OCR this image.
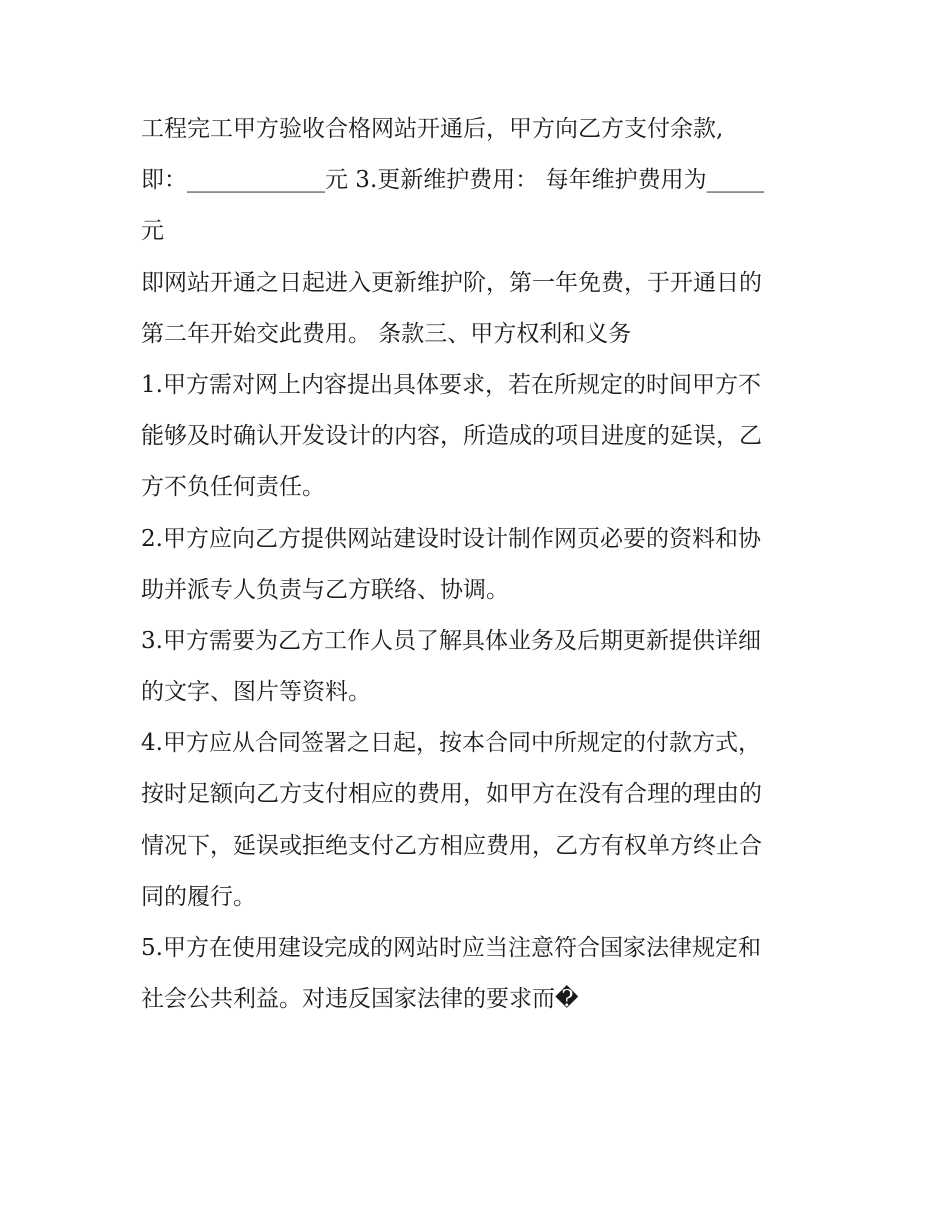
工程完工甲方验收合格网站开通后，甲方向乙方支付余款,
即：____________元 3.更新维护费用： 每年维护费用为_____
元
即网站开通之日起进入更新维护阶，第一年免费，于开通日的
第二年开始交此费用。 条款三、甲方权利和义务
1.甲方需对网上内容提出具体要求，若在所规定的时间甲方不
能够及时确认开发设计的内容，所造成的项目进度的延误，乙
方不负任何责任。
2.甲方应向乙方提供网站建设时设计制作网页必要的资料和协
助并派专人负责与乙方联络、协调。
3.甲方需要为乙方工作人员了解具体业务及后期更新提供详细
的文字、图片等资料。
4.甲方应从合同签署之日起，按本合同中所规定的付款方式，
按时足额向乙方支付相应的费用，如甲方在没有合理的理由的
情况下，延误或拒绝支付乙方相应费用，乙方有权单方终止合
同的履行。
5.甲方在使用建设完成的网站时应当注意符合国家法律规定和
社会公共利益。对违反国家法律的要求而�
